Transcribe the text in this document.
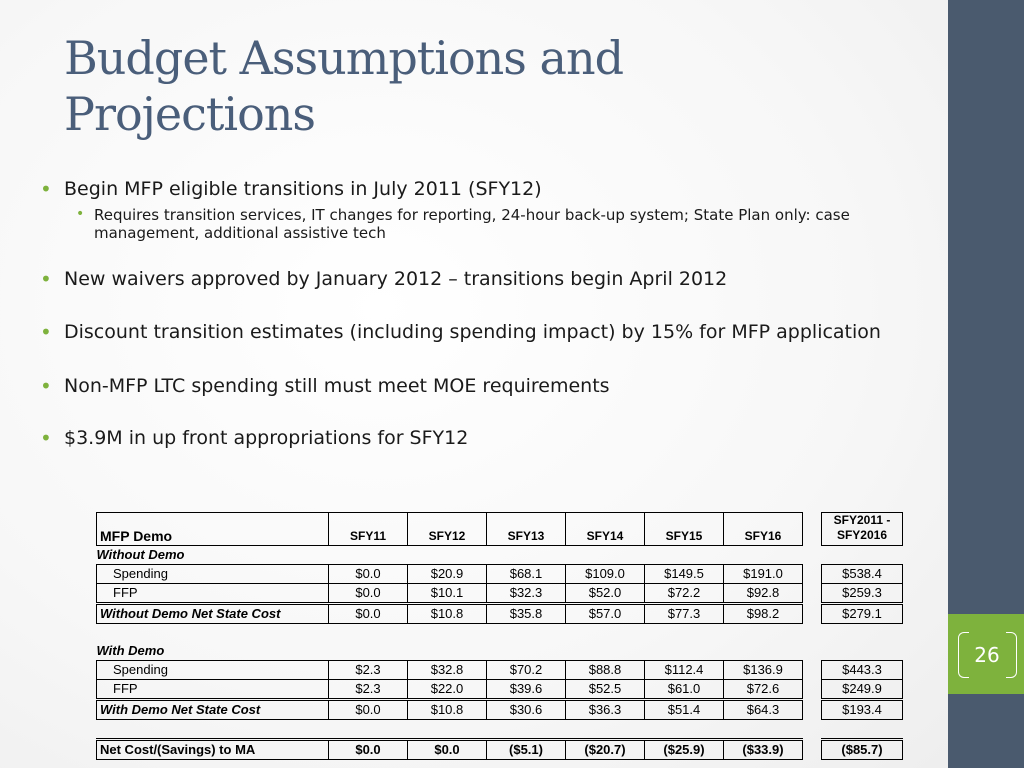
26
Budget Assumptions and
Projections
• Begin MFP eligible transitions in July 2011 (SFY12)
• Requires transition services, IT changes for reporting, 24-hour back-up system; State Plan only: case management, additional assistive tech
• New waivers approved by January 2012 – transitions begin April 2012
• Discount transition estimates (including spending impact) by 15% for MFP application
• Non-MFP LTC spending still must meet MOE requirements
• $3.9M in up front appropriations for SFY12
MFP Demo	SFY11	SFY12	SFY13	SFY14	SFY15	SFY16		SFY2011 -
SFY2016
Without Demo								
Spending	$0.0	$20.9	$68.1	$109.0	$149.5	$191.0		$538.4
FFP	$0.0	$10.1	$32.3	$52.0	$72.2	$92.8		$259.3
Without Demo Net State Cost	$0.0	$10.8	$35.8	$57.0	$77.3	$98.2		$279.1

With Demo								
Spending	$2.3	$32.8	$70.2	$88.8	$112.4	$136.9		$443.3
FFP	$2.3	$22.0	$39.6	$52.5	$61.0	$72.6		$249.9
With Demo Net State Cost	$0.0	$10.8	$30.6	$36.3	$51.4	$64.3		$193.4

Net Cost/(Savings) to MA	$0.0	$0.0	($5.1)	($20.7)	($25.9)	($33.9)		($85.7)
